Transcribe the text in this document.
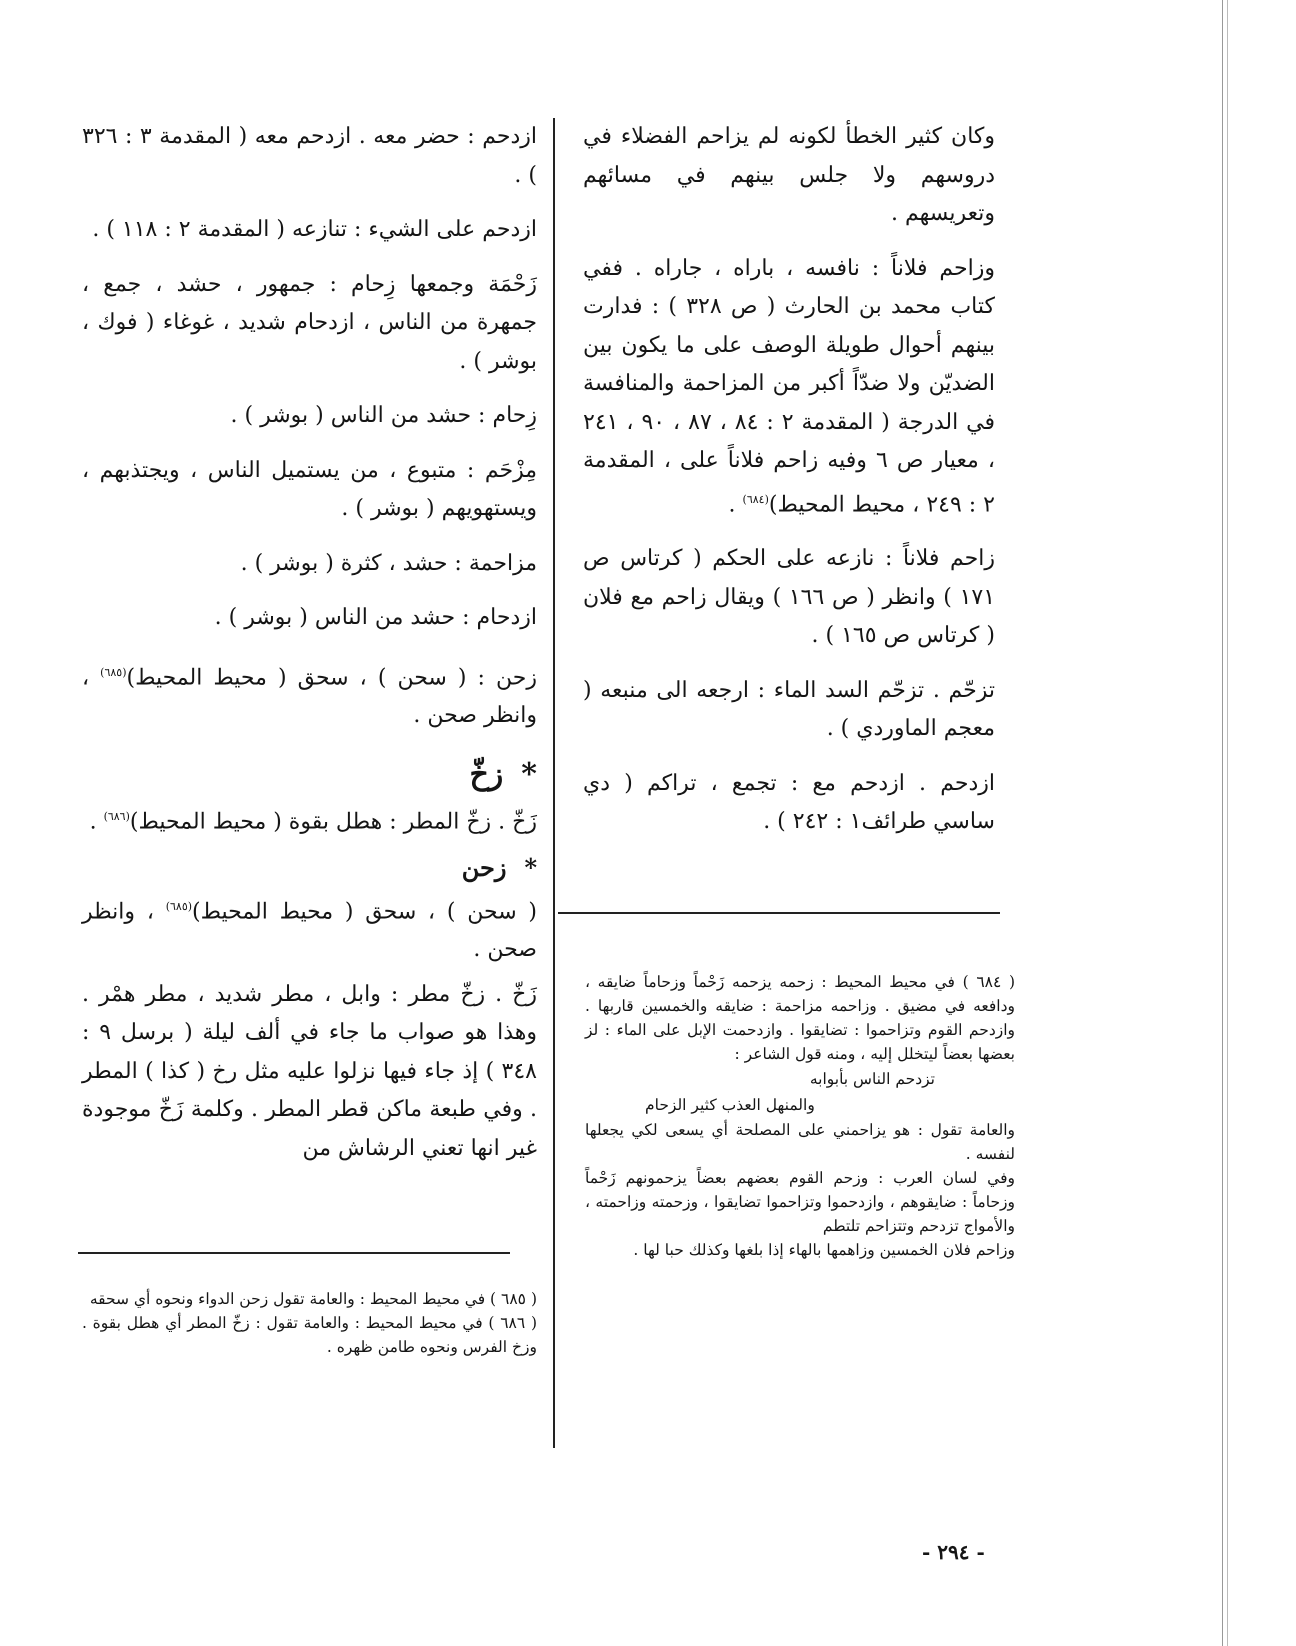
وكان كثير الخطأ لكونه لم يزاحم الفضلاء في دروسهم ولا جلس بينهم في مسائهم وتعريسهم .

وزاحم فلاناً : نافسه ، باراه ، جاراه . ففي كتاب محمد بن الحارث ( ص ٣٢٨ ) : فدارت بينهم أحوال طويلة الوصف على ما يكون بين الضديّن ولا ضدّاً أكبر من المزاحمة والمنافسة في الدرجة ( المقدمة ٢ : ٨٤ ، ٨٧ ، ٩٠ ، ٢٤١ ، معيار ص ٦ وفيه زاحم فلاناً على ، المقدمة ٢ : ٢٤٩ ، محيط المحيط)$^{(٦٨٤)}$ .

زاحم فلاناً : نازعه على الحكم ( كرتاس ص ١٧١ ) وانظر ( ص ١٦٦ ) ويقال زاحم مع فلان ( كرتاس ص ١٦٥ ) .

تزحّم . تزحّم السد الماء : ارجعه الى منبعه ( معجم الماوردي ) .

ازدحم . ازدحم مع : تجمع ، تراكم ( دي ساسي طرائف١ : ٢٤٢ ) .

ازدحم : حضر معه . ازدحم معه ( المقدمة ٣ : ٣٢٦ ) .

ازدحم على الشيء : تنازعه ( المقدمة ٢ : ١١٨ ) .

زَحْمَة وجمعها زِحام : جمهور ، حشد ، جمع ، جمهرة من الناس ، ازدحام شديد ، غوغاء ( فوك ، بوشر ) .

زِحام : حشد من الناس ( بوشر ) .

مِزْحَم : متبوع ، من يستميل الناس ، ويجتذبهم ، ويستهويهم ( بوشر ) .

مزاحمة : حشد ، كثرة ( بوشر ) .

ازدحام : حشد من الناس ( بوشر ) .

زحن : ( سحن ) ، سحق ( محيط المحيط)$^{(٦٨٥)}$ ، وانظر صحن .

*زخّ

زَخّ . زخّ المطر : هطل بقوة ( محيط المحيط)$^{(٦٨٦)}$ .

*زحن

( سحن ) ، سحق ( محيط المحيط)$^{(٦٨٥)}$ ، وانظر صحن .

زَخّ . زخّ مطر : وابل ، مطر شديد ، مطر همْر . وهذا هو صواب ما جاء في ألف ليلة ( برسل ٩ : ٣٤٨ ) إذ جاء فيها نزلوا عليه مثل رخ ( كذا ) المطر . وفي طبعة ماكن قطر المطر . وكلمة زَخّ موجودة غير انها تعني الرشاش من

( ٦٨٤ ) في محيط المحيط : زحمه يزحمه زَحْماً وزحاماً ضايقه ، ودافعه في مضيق . وزاحمه مزاحمة : ضايقه والخمسين قاربها . وازدحم القوم وتزاحموا : تضايقوا . وازدحمت الإبل على الماء : لز بعضها بعضاً ليتخلل إليه ، ومنه قول الشاعر :

تزدحم الناس بأبوابه

والمنهل العذب كثير الزحام

والعامة تقول : هو يزاحمني على المصلحة أي يسعى لكي يجعلها لنفسه .

وفي لسان العرب : وزحم القوم بعضهم بعضاً يزحمونهم زَحْماً وزحاماً : ضايقوهم ، وازدحموا وتزاحموا تضايقوا ، وزحمته وزاحمته ، والأمواج تزدحم وتتزاحم تلتطم

وزاحم فلان الخمسين وزاهمها بالهاء إذا بلغها وكذلك حبا لها .

( ٦٨٥ ) في محيط المحيط : والعامة تقول زحن الدواء ونحوه أي سحقه

( ٦٨٦ ) في محيط المحيط : والعامة تقول : زخّ المطر أي هطل بقوة . وزخ الفرس ونحوه طامن ظهره .

- ٢٩٤ -
